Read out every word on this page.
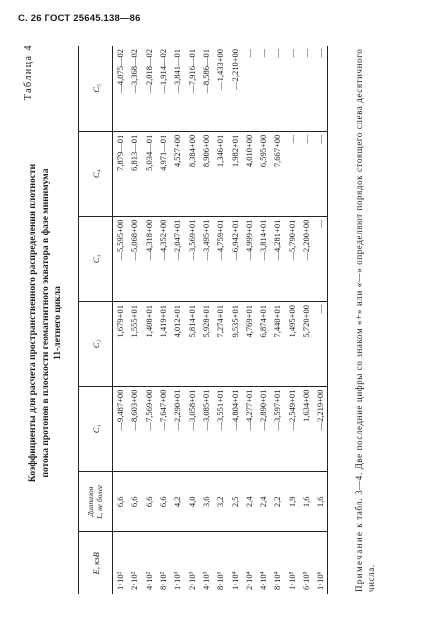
С. 26 ГОСТ 25645.138—86
Таблица 4
Коэффициенты для расчета пространственного распределения плотности потока протонов в плоскости геомагнитного экватора в фазе минимума 11-летнего цикла
E, кэВ	Диапазон L, не более	C₁	C₂	C₃	C₄	C₅
1·10²	6,6	—9,487+00	1,679+01	—5,595+00	7,879—01	—4,075—02
2·10²	6,6	—8,603+00	1,555+01	—5,068+00	6,813—01	—3,368—02
4·10²	6,6	—7,569+00	1,408+01	—4,318+00	5,034—01	—2,018—02
8·10²	6,6	—7,647+00	1,419+01	—4,352+00	4,971—01	—1,914—02
1·10³	4,2	—2,290+01	4,012+01	—2,047+01	4,527+00	—3,841—01
2·10³	4,0	—3,058+01	5,814+01	—3,569+01	8,384+00	—7,916—01
4·10³	3,6	—3,085+01	5,928+01	—3,495+01	8,906+00	—8,586—01
8·10³	3,2	—3,551+01	7,274+01	—4,759+01	1,346+01	—1,433+00
1·10⁴	2,5	—4,804+01	9,535+01	—6,942+01	1,982+01	—2,210+00
2·10⁴	2,4	—4,277+01	4,769+01	—4,999+01	4,010+00	—
4·10⁴	2,4	—2,890+01	6,874+01	—3,814+01	6,595+00	—
8·10⁴	2,2	—3,597+01	7,440+01	—4,281+01	7,667+00	—
1·10⁵	1,9	—2,549+01	1,495+00	—5,790+01	—	—
6·10⁵	1,6	1,634+00	5,720+00	—2,200+00	—	—
1·10⁶	1,6	—2,219+00	—	—	—	—
Примечание к табл. 3—4. Две последние цифры со знаком «+» или «—» определяют порядок стоящего слева десятичного числа.
